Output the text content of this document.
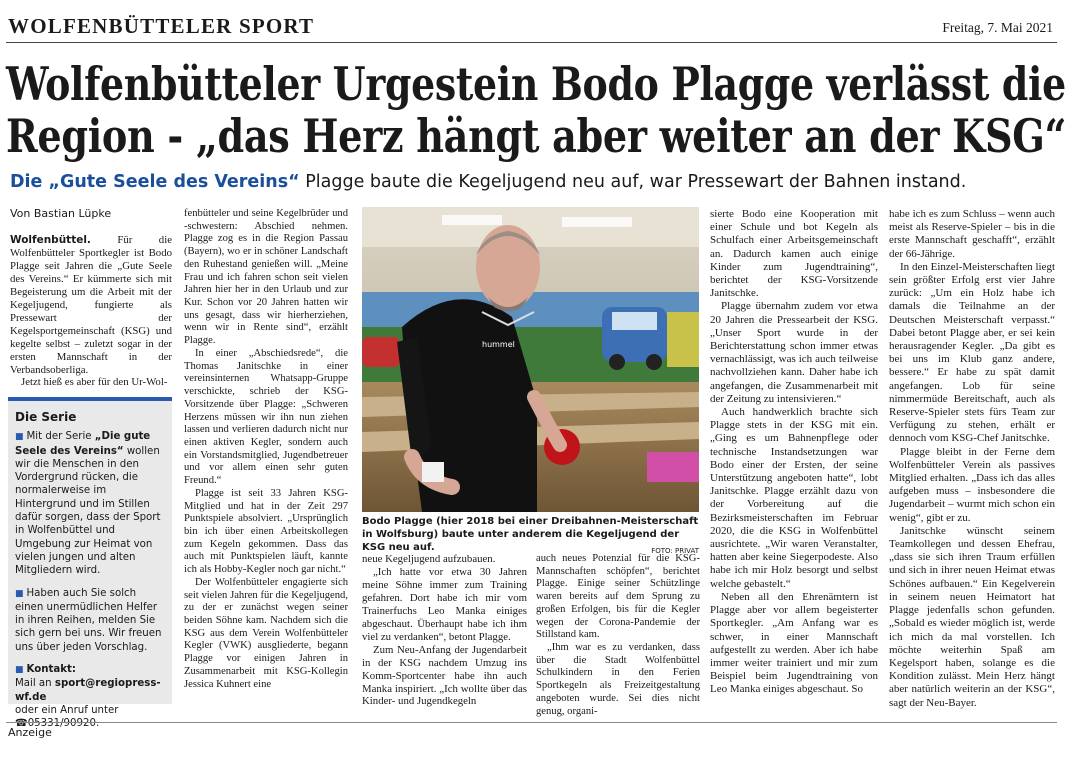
WOLFENBÜTTELER SPORT	Freitag, 7. Mai 2021
Wolfenbütteler Urgestein Bodo Plagge verlässt die
Region - „das Herz hängt aber weiter an der KSG“
Die „Gute Seele des Vereins“ Plagge baute die Kegeljugend neu auf, war Pressewart der Bahnen instand.
Von Bastian Lüpke

Wolfenbüttel. Für die Wolfenbütteler Sportkegler ist Bodo Plagge seit Jahren die „Gute Seele des Vereins.“ Er kümmerte sich mit Begeisterung um die Arbeit mit der Kegeljugend, fungierte als Pressewart der Kegelsportgemeinschaft (KSG) und kegelte selbst – zuletzt sogar in der ersten Mannschaft in der Verbandsoberliga.

Jetzt hieß es aber für den Ur-Wol-

Die Serie

■ Mit der Serie „Die gute Seele des Vereins“ wollen wir die Menschen in den Vordergrund rücken, die normalerweise im Hintergrund und im Stillen dafür sorgen, dass der Sport in Wolfenbüttel und Umgebung zur Heimat von vielen jungen und alten Mitgliedern wird.

■ Haben auch Sie solch einen unermüdlichen Helfer in ihren Reihen, melden Sie sich gern bei uns. Wir freuen uns über jeden Vorschlag.

■ Kontakt:
Mail an sport@regiopress-wf.de
oder ein Anruf unter
☎05331/90920.

fenbütteler und seine Kegelbrüder und -schwestern: Abschied nehmen. Plagge zog es in die Region Passau (Bayern), wo er in schöner Landschaft den Ruhestand genießen will. „Meine Frau und ich fahren schon seit vielen Jahren hier her in den Urlaub und zur Kur. Schon vor 20 Jahren hatten wir uns gesagt, dass wir hierherziehen, wenn wir in Rente sind“, erzählt Plagge.

In einer „Abschiedsrede“, die Thomas Janitschke in einer vereinsinternen Whatsapp-Gruppe verschickte, schrieb der KSG-Vorsitzende über Plagge: „Schweren Herzens müssen wir ihn nun ziehen lassen und verlieren dadurch nicht nur einen aktiven Kegler, sondern auch ein Vorstandsmitglied, Jugendbetreuer und vor allem einen sehr guten Freund.“

Plagge ist seit 33 Jahren KSG-Mitglied und hat in der Zeit 297 Punktspiele absolviert. „Ursprünglich bin ich über einen Arbeitskollegen zum Kegeln gekommen. Dass das auch mit Punktspielen läuft, kannte ich als Hobby-Kegler noch gar nicht.“

Der Wolfenbütteler engagierte sich seit vielen Jahren für die Kegeljugend, zu der er zunächst wegen seiner beiden Söhne kam. Nachdem sich die KSG aus dem Verein Wolfenbütteler Kegler (VWK) ausgliederte, begann Plagge vor einigen Jahren in Zusammenarbeit mit KSG-Kollegin Jessica Kuhnert eine

hummel
Bodo Plagge (hier 2018 bei einer Dreibahnen-Meisterschaft in Wolfsburg) baute unter anderem die Kegeljugend der KSG neu auf.	FOTO: PRIVAT

neue Kegeljugend aufzubauen.

„Ich hatte vor etwa 30 Jahren meine Söhne immer zum Training gefahren. Dort habe ich mir vom Trainerfuchs Leo Manka einiges abgeschaut. Überhaupt habe ich ihm viel zu verdanken“, betont Plagge.

Zum Neu-Anfang der Jugendarbeit in der KSG nachdem Umzug ins Komm-Sportcenter habe ihn auch Manka inspiriert. „Ich wollte über das Kinder- und Jugendkegeln

auch neues Potenzial für die KSG-Mannschaften schöpfen“, berichtet Plagge. Einige seiner Schützlinge waren bereits auf dem Sprung zu großen Erfolgen, bis für die Kegler wegen der Corona-Pandemie der Stillstand kam.

„Ihm war es zu verdanken, dass über die Stadt Wolfenbüttel Schulkindern in den Ferien Sportkegeln als Freizeitgestaltung angeboten wurde. Sei dies nicht genug, organi-

sierte Bodo eine Kooperation mit einer Schule und bot Kegeln als Schulfach einer Arbeitsgemeinschaft an. Dadurch kamen auch einige Kinder zum Jugendtraining“, berichtet der KSG-Vorsitzende Janitschke.

Plagge übernahm zudem vor etwa 20 Jahren die Pressearbeit der KSG. „Unser Sport wurde in der Berichterstattung schon immer etwas vernachlässigt, was ich auch teilweise nachvollziehen kann. Daher habe ich angefangen, die Zusammenarbeit mit der Zeitung zu intensivieren.“

Auch handwerklich brachte sich Plagge stets in der KSG mit ein. „Ging es um Bahnenpflege oder technische Instandsetzungen war Bodo einer der Ersten, der seine Unterstützung angeboten hatte“, lobt Janitschke. Plagge erzählt dazu von der Vorbereitung auf die Bezirksmeisterschaften im Februar 2020, die die KSG in Wolfenbüttel ausrichtete. „Wir waren Veranstalter, hatten aber keine Siegerpodeste. Also habe ich mir Holz besorgt und selbst welche gebastelt.“

Neben all den Ehrenämtern ist Plagge aber vor allem begeisterter Sportkegler. „Am Anfang war es schwer, in einer Mannschaft aufgestellt zu werden. Aber ich habe immer weiter trainiert und mir zum Beispiel beim Jugendtraining von Leo Manka einiges abgeschaut. So

habe ich es zum Schluss – wenn auch meist als Reserve-Spieler – bis in die erste Mannschaft geschafft“, erzählt der 66-Jährige.

In den Einzel-Meisterschaften liegt sein größter Erfolg erst vier Jahre zurück: „Um ein Holz habe ich damals die Teilnahme an der Deutschen Meisterschaft verpasst.“ Dabei betont Plagge aber, er sei kein herausragender Kegler. „Da gibt es bei uns im Klub ganz andere, bessere.“ Er habe zu spät damit angefangen. Lob für seine nimmermüde Bereitschaft, auch als Reserve-Spieler stets fürs Team zur Verfügung zu stehen, erhält er dennoch vom KSG-Chef Janitschke.

Plagge bleibt in der Ferne dem Wolfenbütteler Verein als passives Mitglied erhalten. „Dass ich das alles aufgeben muss – insbesondere die Jugendarbeit – wurmt mich schon ein wenig“, gibt er zu.

Janitschke wünscht seinem Teamkollegen und dessen Ehefrau, „dass sie sich ihren Traum erfüllen und sich in ihrer neuen Heimat etwas Schönes aufbauen.“ Ein Kegelverein in seinem neuen Heimatort hat Plagge jedenfalls schon gefunden. „Sobald es wieder möglich ist, werde ich mich da mal vorstellen. Ich möchte weiterhin Spaß am Kegelsport haben, solange es die Kondition zulässt. Mein Herz hängt aber natürlich weiterin an der KSG“, sagt der Neu-Bayer.

Anzeige
